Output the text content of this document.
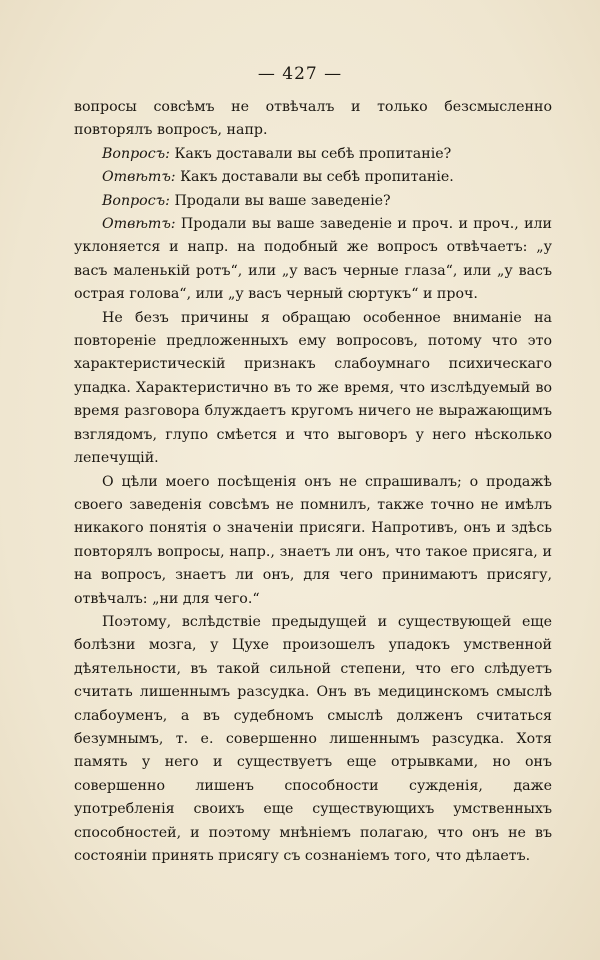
— 427 —

вопросы совсѣмъ не отвѣчалъ и только безсмысленно повторялъ вопросъ, напр.

Вопросъ: Какъ доставали вы себѣ пропитаніе?

Отвѣтъ: Какъ доставали вы себѣ пропитаніе.

Вопросъ: Продали вы ваше заведеніе?

Отвѣтъ: Продали вы ваше заведеніе и проч. и проч., или уклоняется и напр. на подобный же вопросъ отвѣчаетъ: „у васъ маленькій ротъ“, или „у васъ черные глаза“, или „у васъ острая голова“, или „у васъ черный сюртукъ“ и проч.

Не безъ причины я обращаю особенное вниманіе на повтореніе предложенныхъ ему вопросовъ, потому что это характеристическій признакъ слабоумнаго психическаго упадка. Характеристично въ то же время, что изслѣдуемый во время разговора блуждаетъ кругомъ ничего не выражающимъ взглядомъ, глупо смѣется и что выговоръ у него нѣсколько лепечущій.

О цѣли моего посѣщенія онъ не спрашивалъ; о продажѣ своего заведенія совсѣмъ не помнилъ, также точно не имѣлъ никакого понятія о значеніи присяги. Напротивъ, онъ и здѣсь повторялъ вопросы, напр., знаетъ ли онъ, что такое присяга, и на вопросъ, знаетъ ли онъ, для чего принимаютъ присягу, отвѣчалъ: „ни для чего.“

Поэтому, вслѣдствіе предыдущей и существующей еще болѣзни мозга, у Цухе произошелъ упадокъ умственной дѣятельности, въ такой сильной степени, что его слѣдуетъ считать лишеннымъ разсудка. Онъ въ медицинскомъ смыслѣ слабоуменъ, а въ судебномъ смыслѣ долженъ считаться безумнымъ, т. е. совершенно лишеннымъ разсудка. Хотя память у него и существуетъ еще отрывками, но онъ совершенно лишенъ способности сужденія, даже употребленія своихъ еще существующихъ умственныхъ способностей, и поэтому мнѣніемъ полагаю, что онъ не въ состояніи принять присягу съ сознаніемъ того, что дѣлаетъ.
